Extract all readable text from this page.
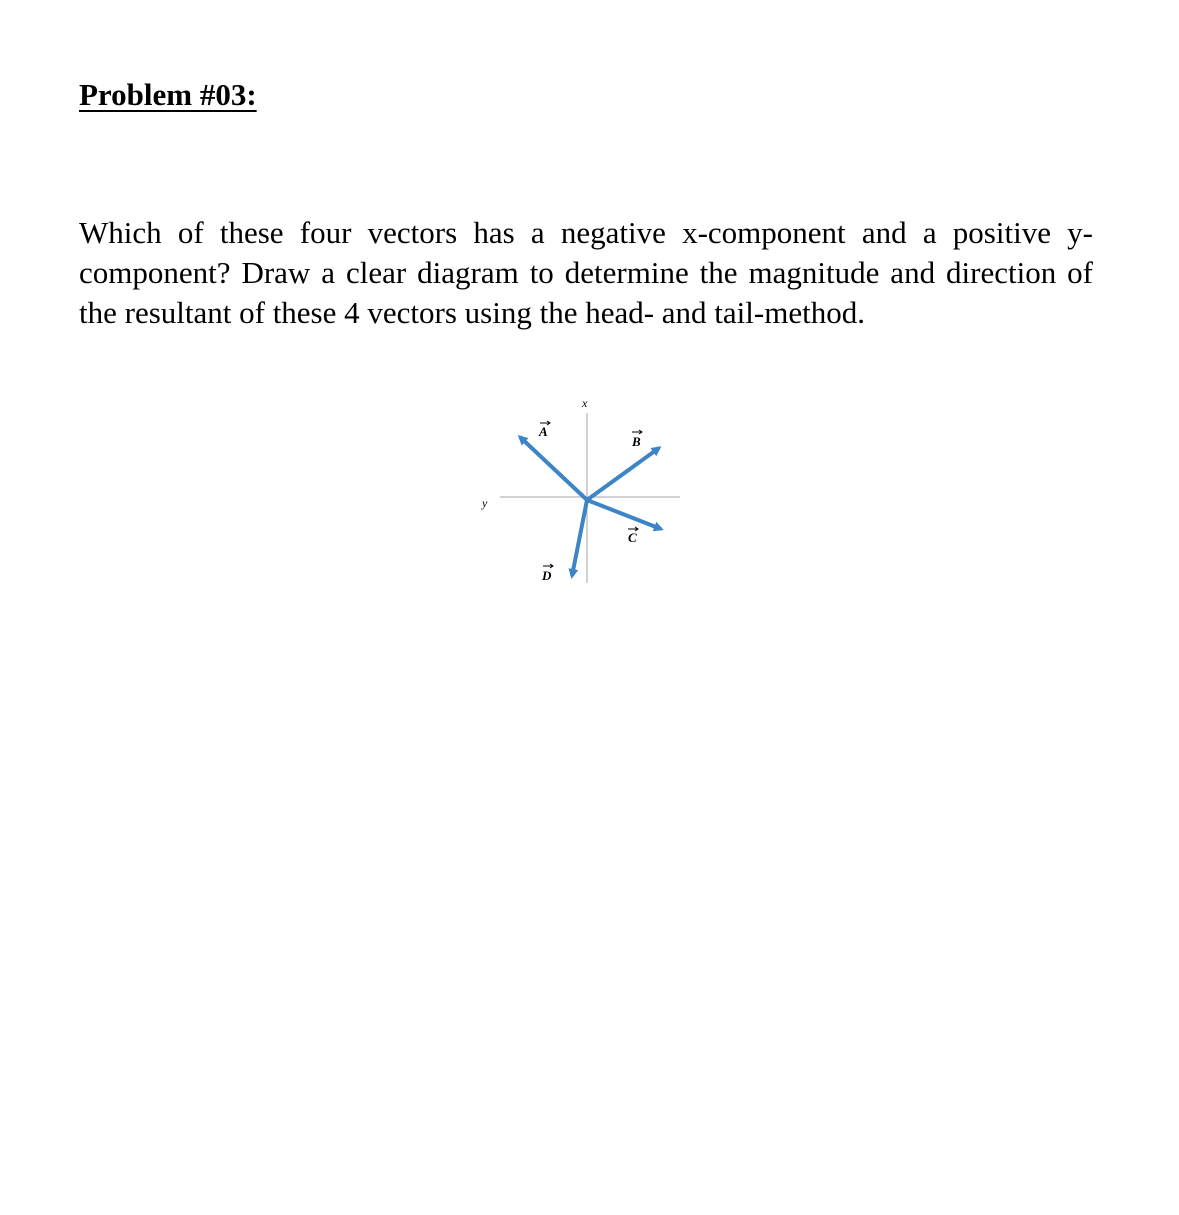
Problem #03:

Which of these four vectors has a negative x-component and a positive y-component? Draw a clear diagram to determine the magnitude and direction of the resultant of these 4 vectors using the head- and tail-method.

x
y
A
B
C
D
